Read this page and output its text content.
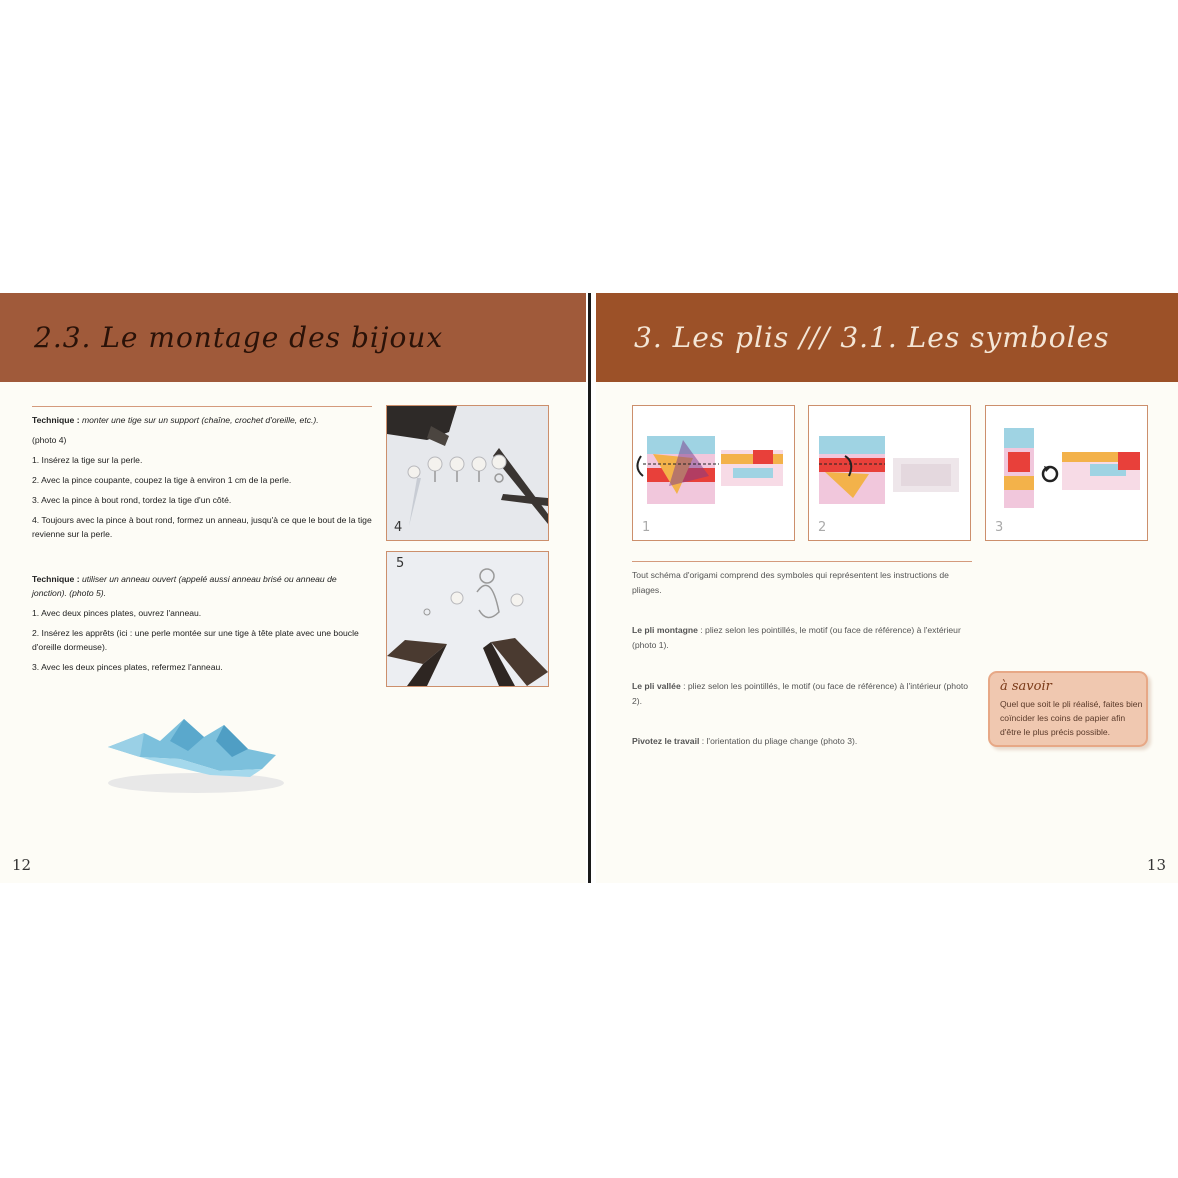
2.3. Le montage des bijoux

Technique : monter une tige sur un support (chaîne, crochet d'oreille, etc.).

(photo 4)

1. Insérez la tige sur la perle.

2. Avec la pince coupante, coupez la tige à environ 1 cm de la perle.

3. Avec la pince à bout rond, tordez la tige d'un côté.

4. Toujours avec la pince à bout rond, formez un anneau, jusqu'à ce que le bout de la tige revienne sur la perle.

Technique : utiliser un anneau ouvert (appelé aussi anneau brisé ou anneau de jonction). (photo 5).

1. Avec deux pinces plates, ouvrez l'anneau.

2. Insérez les apprêts (ici : une perle montée sur une tige à tête plate avec une boucle d'oreille dormeuse).

3. Avec les deux pinces plates, refermez l'anneau.

4
5
12
3. Les plis /// 3.1. Les symboles
1	2	3
Tout schéma d'origami comprend des symboles qui représentent les instructions de pliages.
Le pli montagne : pliez selon les pointillés, le motif (ou face de référence) à l'extérieur (photo 1).
Le pli vallée : pliez selon les pointillés, le motif (ou face de référence) à l'intérieur (photo 2).
Pivotez le travail : l'orientation du pliage change (photo 3).
à savoir
Quel que soit le pli réalisé, faites bien coïncider les coins de papier afin d'être le plus précis possible.
13
